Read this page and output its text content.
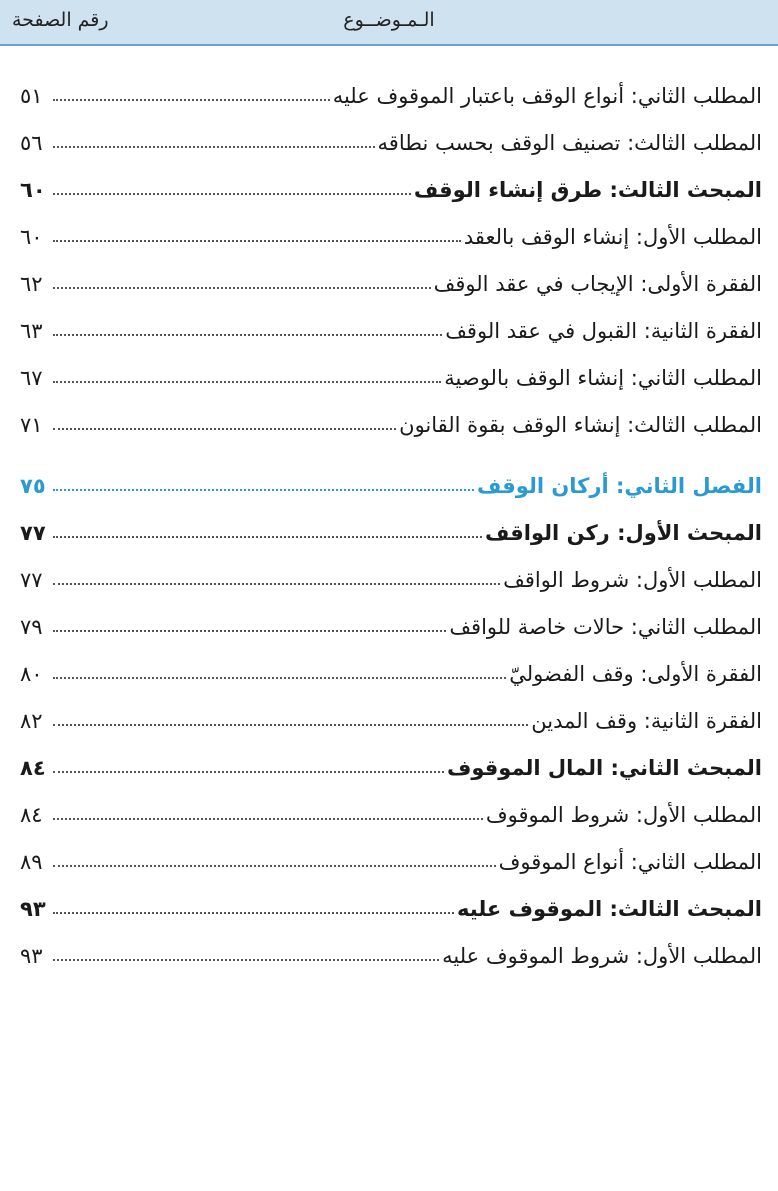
الـمـوضــوع
رقم الصفحة
المطلب الثاني: أنواع الوقف باعتبار الموقوف عليه
٥١
المطلب الثالث: تصنيف الوقف بحسب نطاقه
٥٦
المبحث الثالث: طرق إنشاء الوقف
٦٠
المطلب الأول: إنشاء الوقف بالعقد
٦٠
الفقرة الأولى: الإيجاب في عقد الوقف
٦٢
الفقرة الثانية: القبول في عقد الوقف
٦٣
المطلب الثاني: إنشاء الوقف بالوصية
٦٧
المطلب الثالث: إنشاء الوقف بقوة القانون
٧١
الفصل الثاني: أركان الوقف
٧٥
المبحث الأول: ركن الواقف
٧٧
المطلب الأول: شروط الواقف
٧٧
المطلب الثاني: حالات خاصة للواقف
٧٩
الفقرة الأولى: وقف الفضوليّ
٨٠
الفقرة الثانية: وقف المدين
٨٢
المبحث الثاني: المال الموقوف
٨٤
المطلب الأول: شروط الموقوف
٨٤
المطلب الثاني: أنواع الموقوف
٨٩
المبحث الثالث: الموقوف عليه
٩٣
المطلب الأول: شروط الموقوف عليه
٩٣
